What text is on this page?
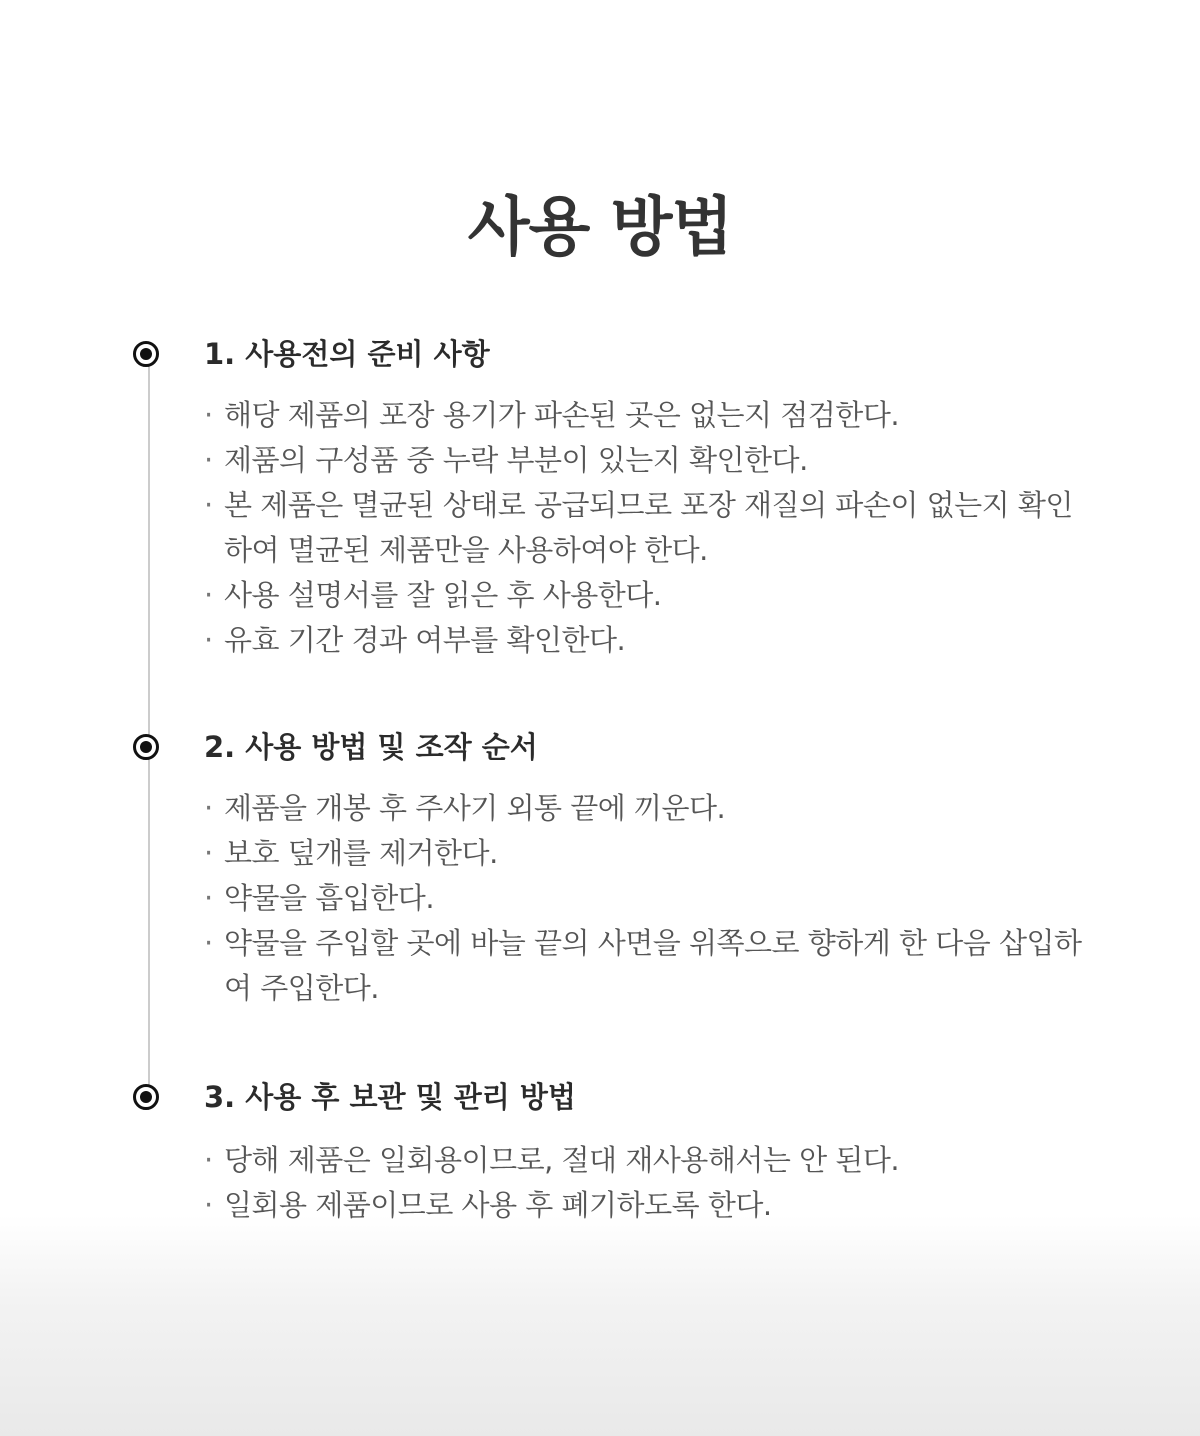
사용 방법
1. 사용전의 준비 사항
· 해당 제품의 포장 용기가 파손된 곳은 없는지 점검한다.
· 제품의 구성품 중 누락 부분이 있는지 확인한다.
· 본 제품은 멸균된 상태로 공급되므로 포장 재질의 파손이 없는지 확인하여 멸균된 제품만을 사용하여야 한다.
· 사용 설명서를 잘 읽은 후 사용한다.
· 유효 기간 경과 여부를 확인한다.
2. 사용 방법 및 조작 순서
· 제품을 개봉 후 주사기 외통 끝에 끼운다.
· 보호 덮개를 제거한다.
· 약물을 흡입한다.
· 약물을 주입할 곳에 바늘 끝의 사면을 위쪽으로 향하게 한 다음 삽입하여 주입한다.
3. 사용 후 보관 및 관리 방법
· 당해 제품은 일회용이므로, 절대 재사용해서는 안 된다.
· 일회용 제품이므로 사용 후 폐기하도록 한다.
